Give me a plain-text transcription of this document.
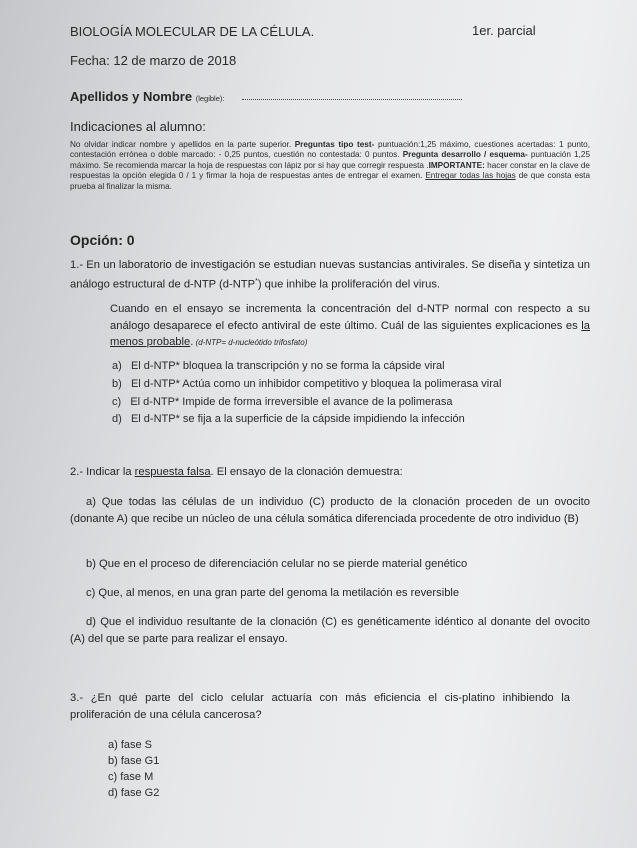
BIOLOGÍA MOLECULAR DE LA CÉLULA.	1er. parcial
Fecha: 12 de marzo de 2018
Apellidos y Nombre (legible):
Indicaciones al alumno:
No olvidar indicar nombre y apellidos en la parte superior. Preguntas tipo test- puntuación:1,25 máximo, cuestiones acertadas: 1 punto, contestación errónea o doble marcado: - 0,25 puntos, cuestión no contestada: 0 puntos. Pregunta desarrollo / esquema- puntuación 1,25 máximo. Se recomienda marcar la hoja de respuestas con lápiz por si hay que corregir respuesta .IMPORTANTE: hacer constar en la clave de respuestas la opción elegida 0 / 1 y firmar la hoja de respuestas antes de entregar el examen. Entregar todas las hojas de que consta esta prueba al finalizar la misma.
Opción: 0
1.- En un laboratorio de investigación se estudian nuevas sustancias antivirales. Se diseña y sintetiza un análogo estructural de d-NTP (d-NTP*) que inhibe la proliferación del virus.
Cuando en el ensayo se incrementa la concentración del d-NTP normal con respecto a su análogo desaparece el efecto antiviral de este último. Cuál de las siguientes explicaciones es la menos probable. (d-NTP= d-nucleótido trifosfato)
a) El d-NTP* bloquea la transcripción y no se forma la cápside viral
b) El d-NTP* Actúa como un inhibidor competitivo y bloquea la polimerasa viral
c) El d-NTP* Impide de forma irreversible el avance de la polimerasa
d) El d-NTP* se fija a la superficie de la cápside impidiendo la infección
2.- Indicar la respuesta falsa. El ensayo de la clonación demuestra:
a) Que todas las células de un individuo (C) producto de la clonación proceden de un ovocito (donante A) que recibe un núcleo de una célula somática diferenciada procedente de otro individuo (B)
b) Que en el proceso de diferenciación celular no se pierde material genético
c) Que, al menos, en una gran parte del genoma la metilación es reversible
d) Que el individuo resultante de la clonación (C) es genéticamente idéntico al donante del ovocito (A) del que se parte para realizar el ensayo.
3.- ¿En qué parte del ciclo celular actuaría con más eficiencia el cis-platino inhibiendo la proliferación de una célula cancerosa?
a) fase S
b) fase G1
c) fase M
d) fase G2
